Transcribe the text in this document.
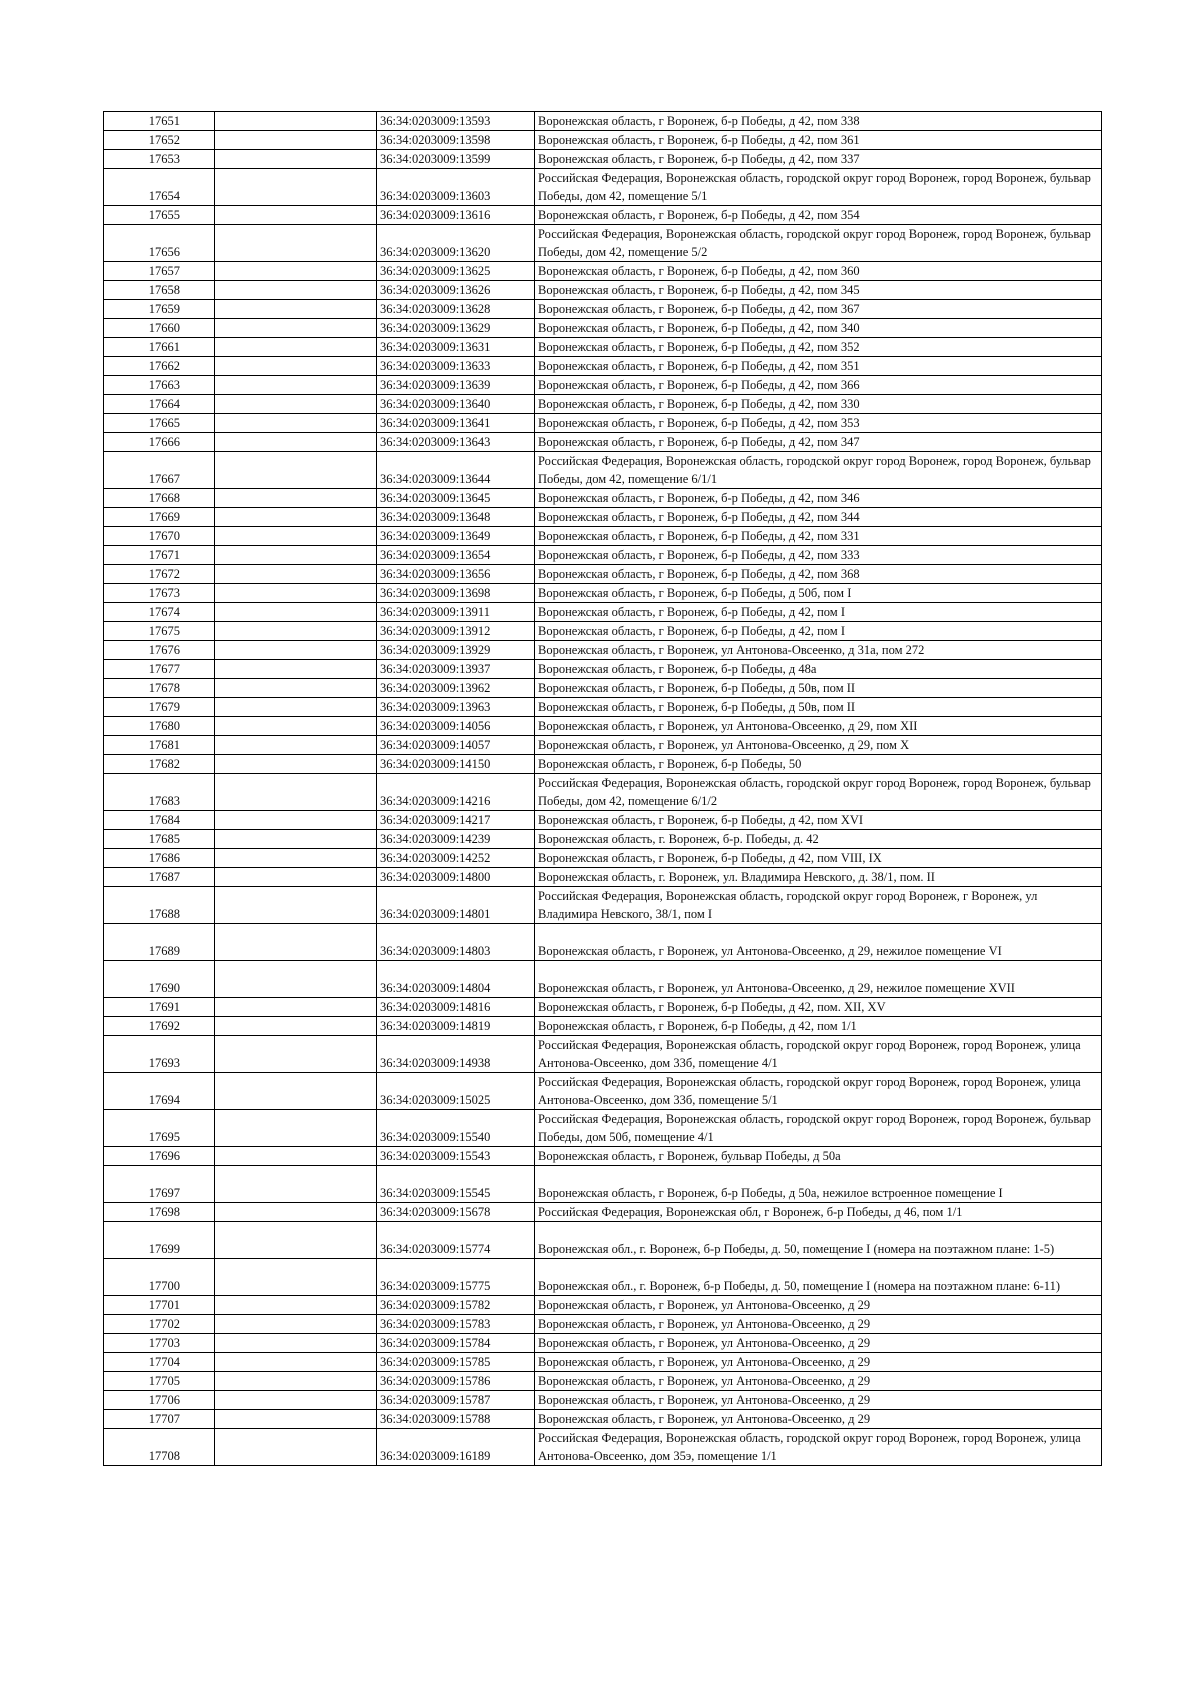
17651		36:34:0203009:13593	Воронежская область, г Воронеж, б-р Победы, д 42, пом 338
17652		36:34:0203009:13598	Воронежская область, г Воронеж, б-р Победы, д 42, пом 361
17653		36:34:0203009:13599	Воронежская область, г Воронеж, б-р Победы, д 42, пом 337
17654		36:34:0203009:13603	Российская Федерация, Воронежская область, городской округ город Воронеж, город Воронеж, бульвар Победы, дом 42, помещение 5/1
17655		36:34:0203009:13616	Воронежская область, г Воронеж, б-р Победы, д 42, пом 354
17656		36:34:0203009:13620	Российская Федерация, Воронежская область, городской округ город Воронеж, город Воронеж, бульвар Победы, дом 42, помещение 5/2
17657		36:34:0203009:13625	Воронежская область, г Воронеж, б-р Победы, д 42, пом 360
17658		36:34:0203009:13626	Воронежская область, г Воронеж, б-р Победы, д 42, пом 345
17659		36:34:0203009:13628	Воронежская область, г Воронеж, б-р Победы, д 42, пом 367
17660		36:34:0203009:13629	Воронежская область, г Воронеж, б-р Победы, д 42, пом 340
17661		36:34:0203009:13631	Воронежская область, г Воронеж, б-р Победы, д 42, пом 352
17662		36:34:0203009:13633	Воронежская область, г Воронеж, б-р Победы, д 42, пом 351
17663		36:34:0203009:13639	Воронежская область, г Воронеж, б-р Победы, д 42, пом 366
17664		36:34:0203009:13640	Воронежская область, г Воронеж, б-р Победы, д 42, пом 330
17665		36:34:0203009:13641	Воронежская область, г Воронеж, б-р Победы, д 42, пом 353
17666		36:34:0203009:13643	Воронежская область, г Воронеж, б-р Победы, д 42, пом 347
17667		36:34:0203009:13644	Российская Федерация, Воронежская область, городской округ город Воронеж, город Воронеж, бульвар Победы, дом 42, помещение 6/1/1
17668		36:34:0203009:13645	Воронежская область, г Воронеж, б-р Победы, д 42, пом 346
17669		36:34:0203009:13648	Воронежская область, г Воронеж, б-р Победы, д 42, пом 344
17670		36:34:0203009:13649	Воронежская область, г Воронеж, б-р Победы, д 42, пом 331
17671		36:34:0203009:13654	Воронежская область, г Воронеж, б-р Победы, д 42, пом 333
17672		36:34:0203009:13656	Воронежская область, г Воронеж, б-р Победы, д 42, пом 368
17673		36:34:0203009:13698	Воронежская область, г Воронеж, б-р Победы, д 50б, пом I
17674		36:34:0203009:13911	Воронежская область, г Воронеж, б-р Победы, д 42, пом I
17675		36:34:0203009:13912	Воронежская область, г Воронеж, б-р Победы, д 42, пом I
17676		36:34:0203009:13929	Воронежская область, г Воронеж, ул Антонова-Овсеенко, д 31а, пом 272
17677		36:34:0203009:13937	Воронежская область, г Воронеж, б-р Победы, д 48а
17678		36:34:0203009:13962	Воронежская область, г Воронеж, б-р Победы, д 50в, пом II
17679		36:34:0203009:13963	Воронежская область, г Воронеж, б-р Победы, д 50в, пом II
17680		36:34:0203009:14056	Воронежская область, г Воронеж, ул Антонова-Овсеенко, д 29, пом XII
17681		36:34:0203009:14057	Воронежская область, г Воронеж, ул Антонова-Овсеенко, д 29, пом X
17682		36:34:0203009:14150	Воронежская область, г Воронеж, б-р Победы, 50
17683		36:34:0203009:14216	Российская Федерация, Воронежская область, городской округ город Воронеж, город Воронеж, бульвар Победы, дом 42, помещение 6/1/2
17684		36:34:0203009:14217	Воронежская область, г Воронеж, б-р Победы, д 42, пом XVI
17685		36:34:0203009:14239	Воронежская область, г. Воронеж, б-р. Победы, д. 42
17686		36:34:0203009:14252	Воронежская область, г Воронеж, б-р Победы, д 42, пом VIII, IX
17687		36:34:0203009:14800	Воронежская область, г. Воронеж, ул. Владимира Невского, д. 38/1, пом. II
17688		36:34:0203009:14801	Российская Федерация, Воронежская область, городской округ город Воронеж, г Воронеж, ул Владимира Невского, 38/1, пом I
17689		36:34:0203009:14803	Воронежская область, г Воронеж, ул Антонова-Овсеенко, д 29, нежилое помещение VI
17690		36:34:0203009:14804	Воронежская область, г Воронеж, ул Антонова-Овсеенко, д 29, нежилое помещение XVII
17691		36:34:0203009:14816	Воронежская область, г Воронеж, б-р Победы, д 42, пом. XII, XV
17692		36:34:0203009:14819	Воронежская область, г Воронеж, б-р Победы, д 42, пом 1/1
17693		36:34:0203009:14938	Российская Федерация, Воронежская область, городской округ город Воронеж, город Воронеж, улица Антонова-Овсеенко, дом 33б, помещение 4/1
17694		36:34:0203009:15025	Российская Федерация, Воронежская область, городской округ город Воронеж, город Воронеж, улица Антонова-Овсеенко, дом 33б, помещение 5/1
17695		36:34:0203009:15540	Российская Федерация, Воронежская область, городской округ город Воронеж, город Воронеж, бульвар Победы, дом 50б, помещение 4/1
17696		36:34:0203009:15543	Воронежская область, г Воронеж, бульвар Победы, д 50а
17697		36:34:0203009:15545	Воронежская область, г Воронеж, б-р Победы, д 50а, нежилое встроенное помещение I
17698		36:34:0203009:15678	Российская Федерация, Воронежская обл, г Воронеж, б-р Победы, д 46, пом 1/1
17699		36:34:0203009:15774	Воронежская обл., г. Воронеж, б-р Победы, д. 50, помещение I (номера на поэтажном плане: 1-5)
17700		36:34:0203009:15775	Воронежская обл., г. Воронеж, б-р Победы, д. 50, помещение I (номера на поэтажном плане: 6-11)
17701		36:34:0203009:15782	Воронежская область, г Воронеж, ул Антонова-Овсеенко, д 29
17702		36:34:0203009:15783	Воронежская область, г Воронеж, ул Антонова-Овсеенко, д 29
17703		36:34:0203009:15784	Воронежская область, г Воронеж, ул Антонова-Овсеенко, д 29
17704		36:34:0203009:15785	Воронежская область, г Воронеж, ул Антонова-Овсеенко, д 29
17705		36:34:0203009:15786	Воронежская область, г Воронеж, ул Антонова-Овсеенко, д 29
17706		36:34:0203009:15787	Воронежская область, г Воронеж, ул Антонова-Овсеенко, д 29
17707		36:34:0203009:15788	Воронежская область, г Воронеж, ул Антонова-Овсеенко, д 29
17708		36:34:0203009:16189	Российская Федерация, Воронежская область, городской округ город Воронеж, город Воронеж, улица Антонова-Овсеенко, дом 35э, помещение 1/1
